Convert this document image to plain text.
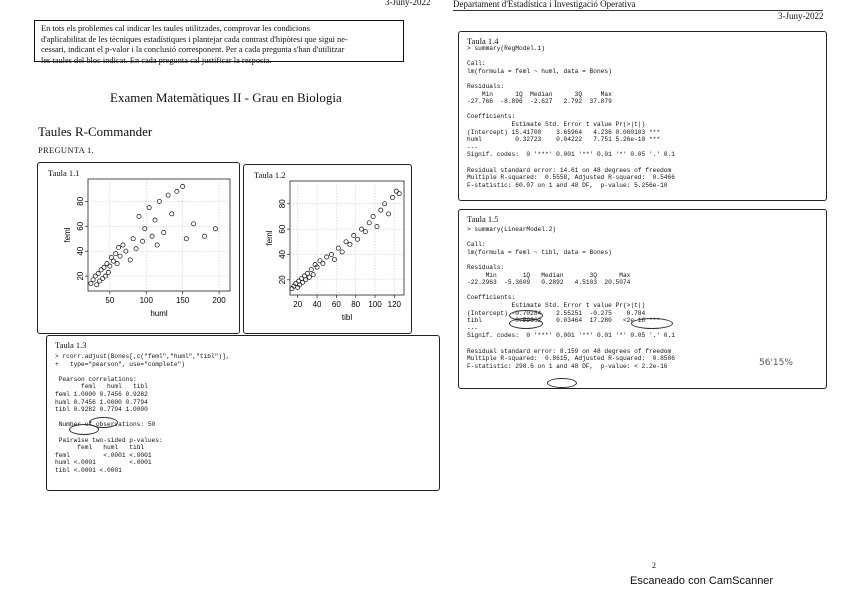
3-Juny-2022	Departament d'Estadística i Investigació Operativa
3-Juny-2022
En tots els problemes cal indicar les taules utilitzades, comprovar les condicions
d'aplicabilitat de les tècniques estadístiques i plantejar cada contrast d'hipòtesi que sigui ne-
cessari, indicant el p-valor i la conclusió corresponent. Per a cada pregunta s'han d'utilitzar
les taules del bloc indicat. En cada pregunta cal justificar la resposta.
Examen Matemàtiques II - Grau en Biologia
Taules R-Commander
PREGUNTA 1.
Taula 1.1
50	100	150	200
20
40
60
80
huml
feml
Taula 1.2
20 40 60 80 100 120
20
40
60
80
tibl
feml
Taula 1.3
> rcorr.adjust(Bones[,c("feml","huml","tibl")],
+   type="pearson", use="complete")

Pearson correlations:
feml   huml   tibl
feml 1.0000 0.7456 0.9282
huml 0.7456 1.0000 0.7794
tibl 0.9282 0.7794 1.0000

Number of observations: 50

Pairwise two-sided p-values:
feml   huml   tibl
feml         <.0001 <.0001
huml <.0001         <.0001
tibl <.0001 <.0001
Taula 1.4
> summary(RegModel.1)

Call:
lm(formula = feml ~ huml, data = Bones)

Residuals:
Min      1Q  Median      3Q     Max
-27.766  -8.896  -2.627   2.792  37.879

Coefficients:
Estimate Std. Error t value Pr(>|t|)
(Intercept) 15.41700    3.65964   4.236 0.000103 ***
huml         0.32723    0.04222   7.751 5.26e-10 ***
---
Signif. codes:  0 '***' 0.001 '**' 0.01 '*' 0.05 '.' 0.1

Residual standard error: 14.61 on 48 degrees of freedom
Multiple R-squared:  0.5558, Adjusted R-squared:  0.5466
F-statistic: 60.07 on 1 and 48 DF,  p-value: 5.256e-10
Taula 1.5
> summary(LinearModel.2)

Call:
lm(formula = feml ~ tibl, data = Bones)

Residuals:
Min       1Q   Median       3Q      Max
-22.2963  -5.3609   0.2892   4.5103  20.5074

Coefficients:
Estimate Std. Error t value Pr(>|t|)
(Intercept) -0.70284    2.55251  -0.275    0.784
tibl         0.59862    0.03464  17.280   <2e-16 ***
---
Signif. codes:  0 '***' 0.001 '**' 0.01 '*' 0.05 '.' 0.1

Residual standard error: 8.159 on 48 degrees of freedom
Multiple R-squared:  0.8615, Adjusted R-squared:  0.8586
F-statistic: 298.6 on 1 and 48 DF,  p-value: < 2.2e-16	56'15%
2
Escaneado con CamScanner
